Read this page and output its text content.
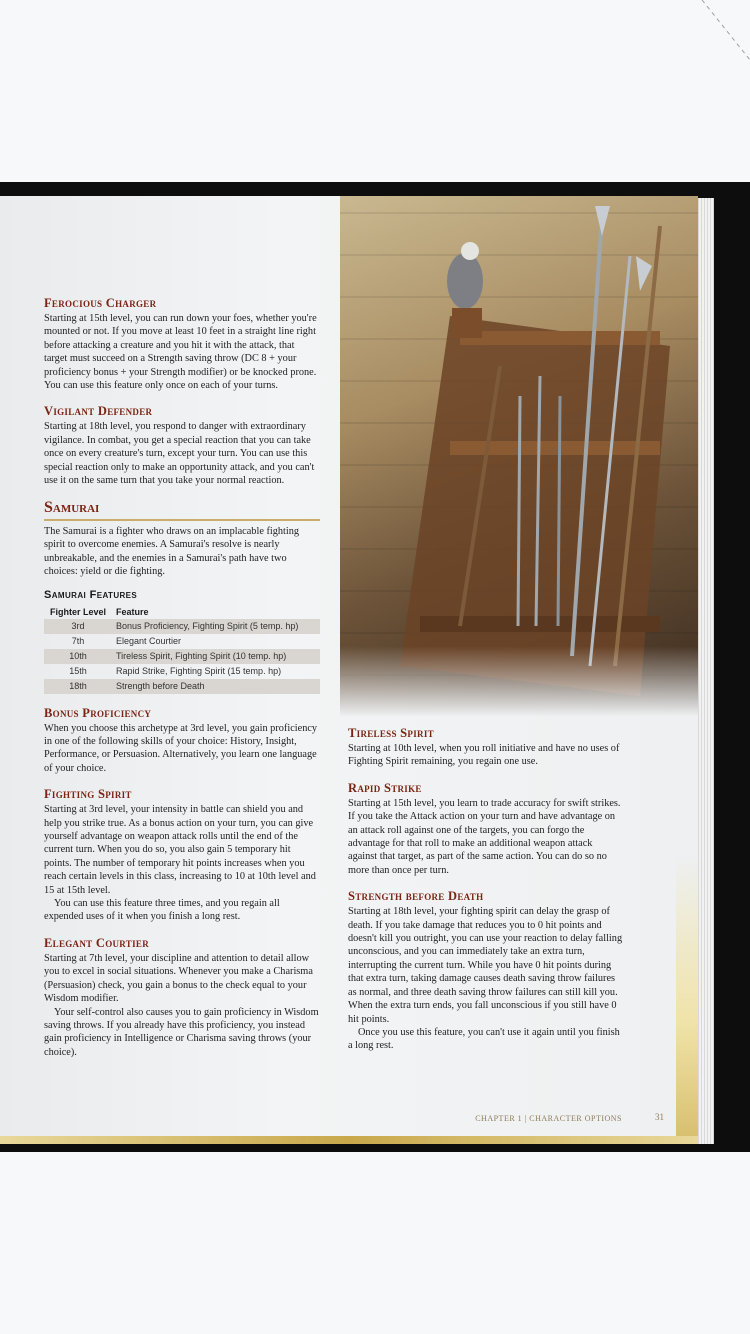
Ferocious Charger

Starting at 15th level, you can run down your foes, whether you're mounted or not. If you move at least 10 feet in a straight line right before attacking a creature and you hit it with the attack, that target must succeed on a Strength saving throw (DC 8 + your proficiency bonus + your Strength modifier) or be knocked prone. You can use this feature only once on each of your turns.

Vigilant Defender

Starting at 18th level, you respond to danger with extraordinary vigilance. In combat, you get a special reaction that you can take once on every creature's turn, except your turn. You can use this special reaction only to make an opportunity attack, and you can't use it on the same turn that you take your normal reaction.

Samurai

The Samurai is a fighter who draws on an implacable fighting spirit to overcome enemies. A Samurai's resolve is nearly unbreakable, and the enemies in a Samurai's path have two choices: yield or die fighting.

Samurai Features
Fighter Level	Feature
3rd	Bonus Proficiency, Fighting Spirit (5 temp. hp)
7th	Elegant Courtier
10th	Tireless Spirit, Fighting Spirit (10 temp. hp)
15th	Rapid Strike, Fighting Spirit (15 temp. hp)
18th	Strength before Death
Bonus Proficiency

When you choose this archetype at 3rd level, you gain proficiency in one of the following skills of your choice: History, Insight, Performance, or Persuasion. Alternatively, you learn one language of your choice.

Fighting Spirit

Starting at 3rd level, your intensity in battle can shield you and help you strike true. As a bonus action on your turn, you can give yourself advantage on weapon attack rolls until the end of the current turn. When you do so, you also gain 5 temporary hit points. The number of temporary hit points increases when you reach certain levels in this class, increasing to 10 at 10th level and 15 at 15th level.

You can use this feature three times, and you regain all expended uses of it when you finish a long rest.

Elegant Courtier

Starting at 7th level, your discipline and attention to detail allow you to excel in social situations. Whenever you make a Charisma (Persuasion) check, you gain a bonus to the check equal to your Wisdom modifier.

Your self-control also causes you to gain proficiency in Wisdom saving throws. If you already have this proficiency, you instead gain proficiency in Intelligence or Charisma saving throws (your choice).

Tireless Spirit

Starting at 10th level, when you roll initiative and have no uses of Fighting Spirit remaining, you regain one use.

Rapid Strike

Starting at 15th level, you learn to trade accuracy for swift strikes. If you take the Attack action on your turn and have advantage on an attack roll against one of the targets, you can forgo the advantage for that roll to make an additional weapon attack against that target, as part of the same action. You can do so no more than once per turn.

Strength before Death

Starting at 18th level, your fighting spirit can delay the grasp of death. If you take damage that reduces you to 0 hit points and doesn't kill you outright, you can use your reaction to delay falling unconscious, and you can immediately take an extra turn, interrupting the current turn. While you have 0 hit points during that extra turn, taking damage causes death saving throw failures as normal, and three death saving throw failures can still kill you. When the extra turn ends, you fall unconscious if you still have 0 hit points.

Once you use this feature, you can't use it again until you finish a long rest.

CHAPTER 1 | CHARACTER OPTIONS	31
